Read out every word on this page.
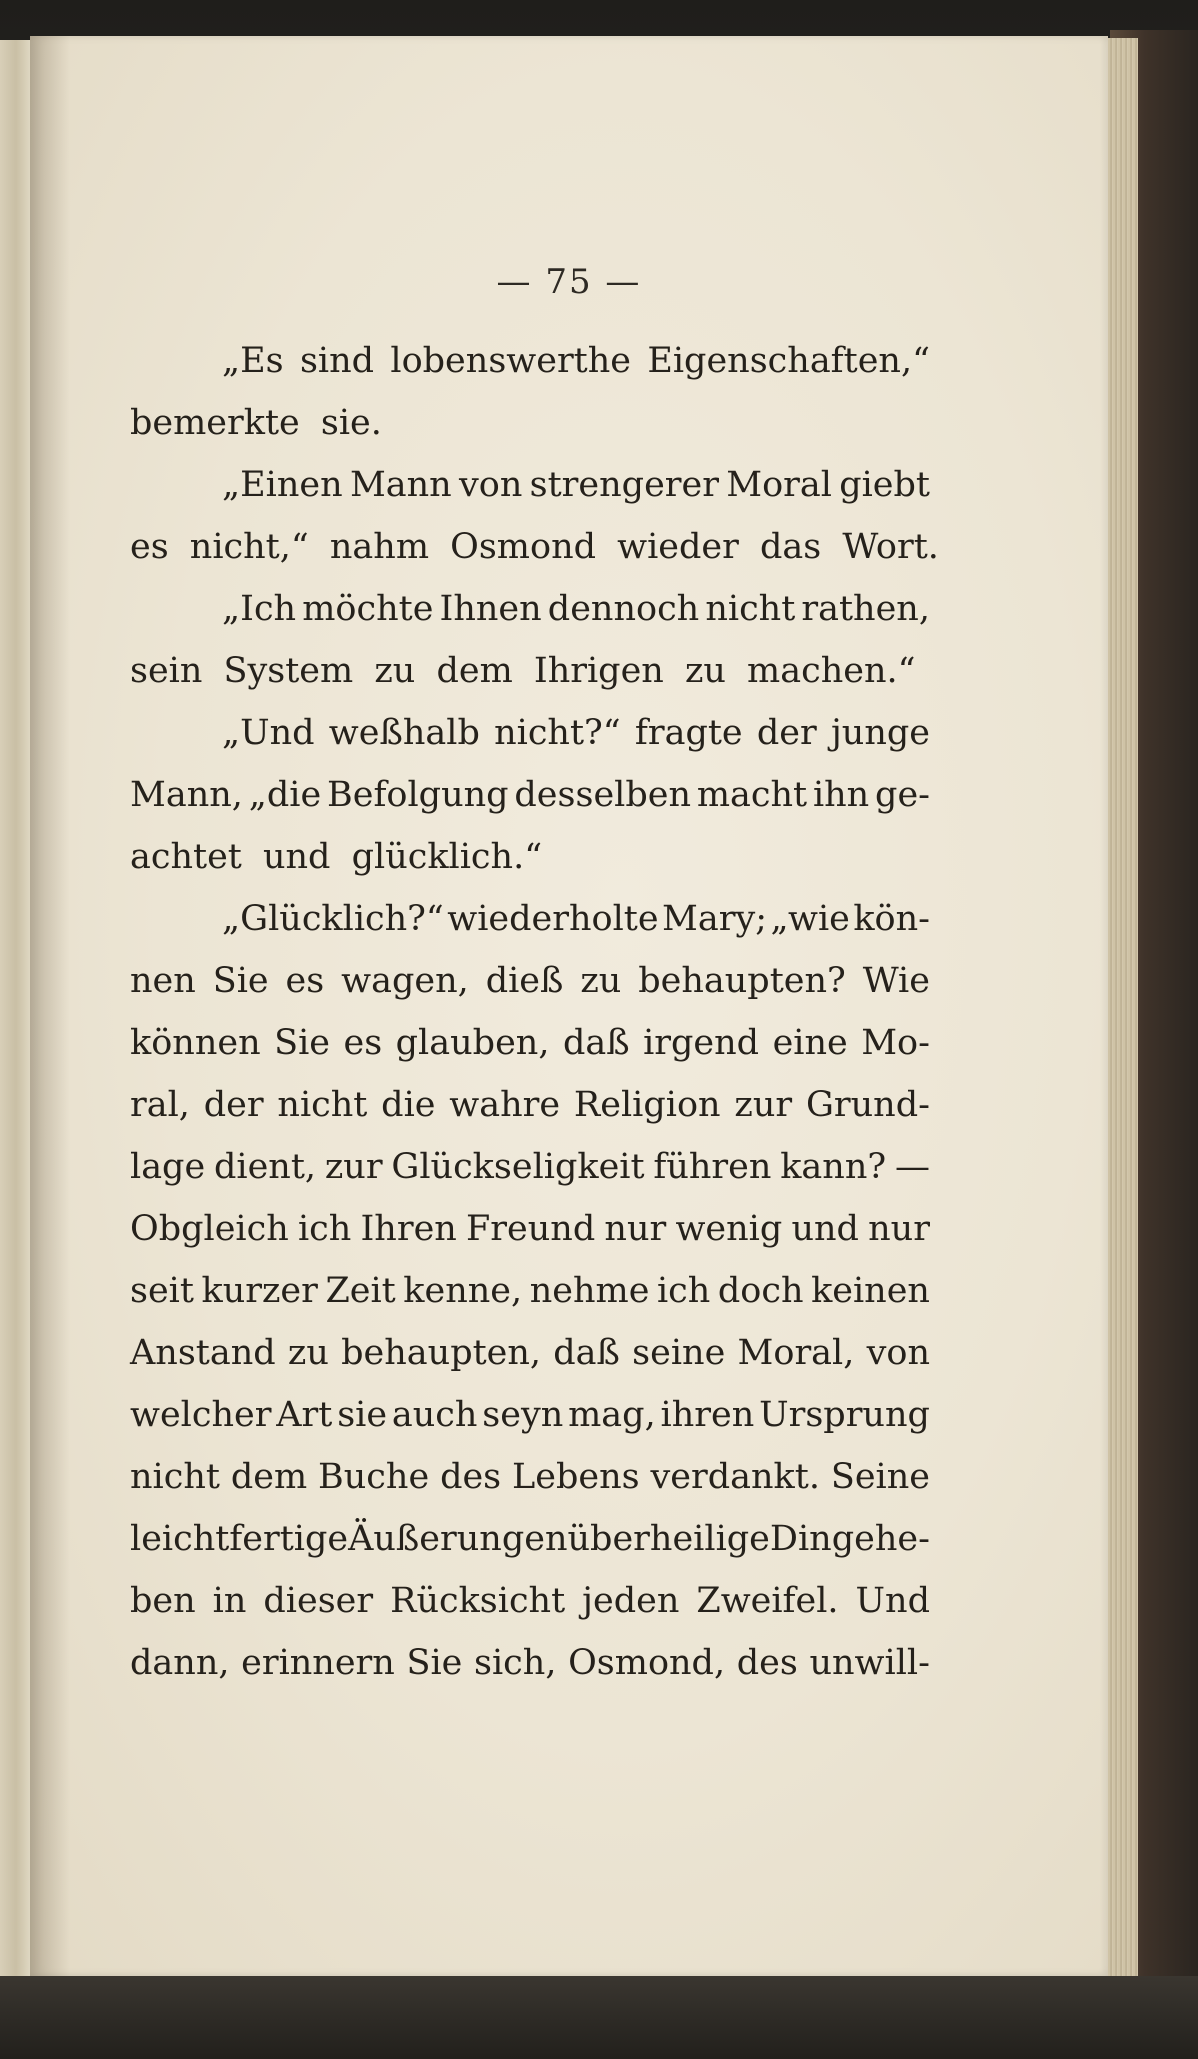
— 75 —
„Es sind lobenswerthe Eigenschaften,“
bemerkte sie.
„Einen Mann von strengerer Moral giebt
es nicht,“ nahm Osmond wieder das Wort.
„Ich möchte Ihnen dennoch nicht rathen,
sein System zu dem Ihrigen zu machen.“
„Und weßhalb nicht?“ fragte der junge
Mann, „die Befolgung desselben macht ihn ge-
achtet und glücklich.“
„Glücklich?“ wiederholte Mary; „wie kön-
nen Sie es wagen, dieß zu behaupten? Wie
können Sie es glauben, daß irgend eine Mo-
ral, der nicht die wahre Religion zur Grund-
lage dient, zur Glückseligkeit führen kann? —
Obgleich ich Ihren Freund nur wenig und nur
seit kurzer Zeit kenne, nehme ich doch keinen
Anstand zu behaupten, daß seine Moral, von
welcher Art sie auch seyn mag, ihren Ursprung
nicht dem Buche des Lebens verdankt. Seine
leichtfertige Äußerungen über heilige Dinge he-
ben in dieser Rücksicht jeden Zweifel. Und
dann, erinnern Sie sich, Osmond, des unwill-
